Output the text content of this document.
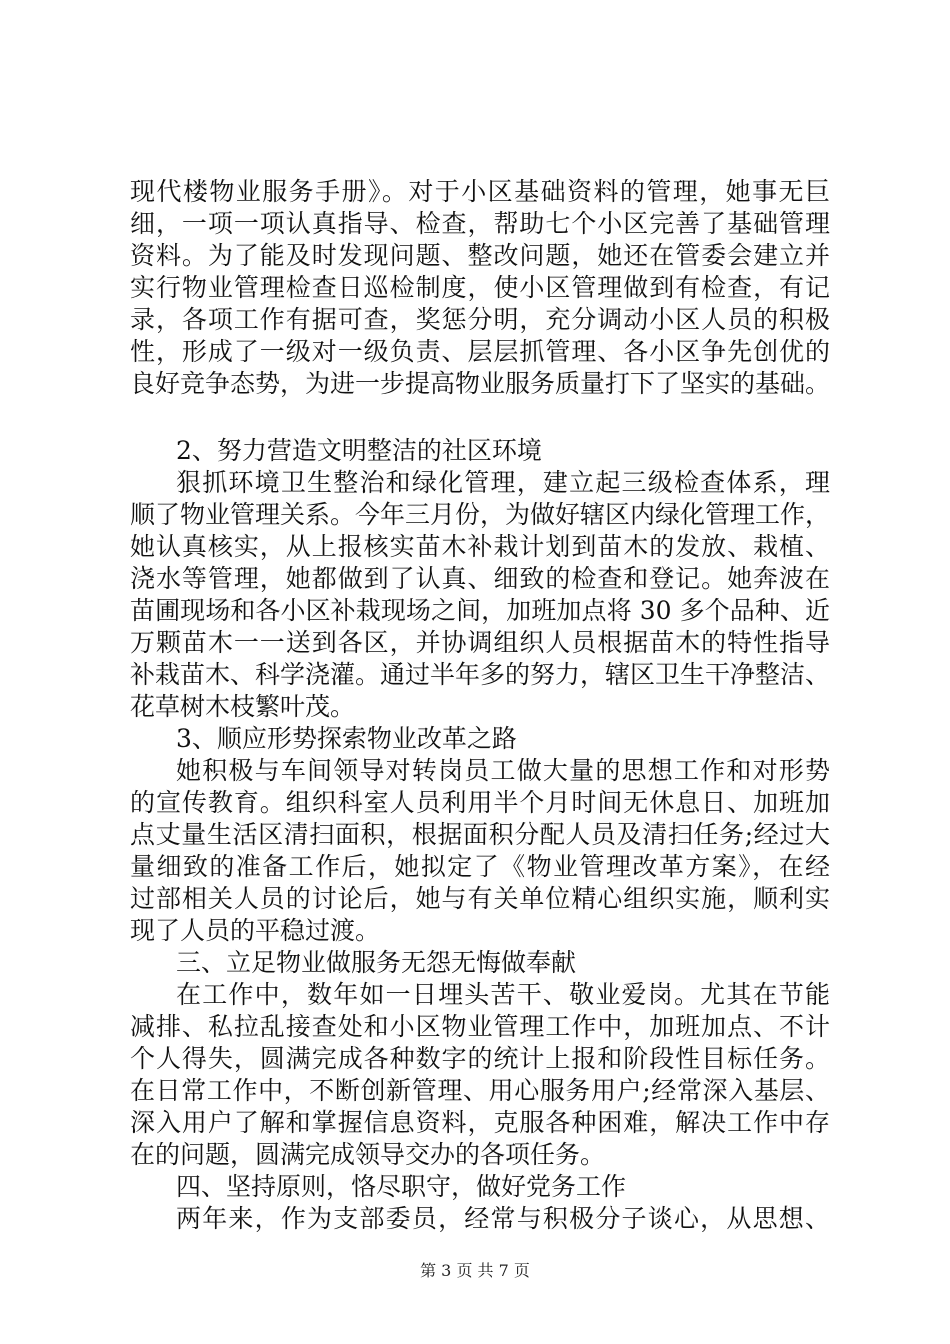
现代楼物业服务手册》。对于小区基础资料的管理，她事无巨
细，一项一项认真指导、检查，帮助七个小区完善了基础管理
资料。为了能及时发现问题、整改问题，她还在管委会建立并
实行物业管理检查日巡检制度，使小区管理做到有检查，有记
录，各项工作有据可查，奖惩分明，充分调动小区人员的积极
性，形成了一级对一级负责、层层抓管理、各小区争先创优的
良好竞争态势，为进一步提高物业服务质量打下了坚实的基础。
2、努力营造文明整洁的社区环境
狠抓环境卫生整治和绿化管理，建立起三级检查体系，理
顺了物业管理关系。今年三月份，为做好辖区内绿化管理工作，
她认真核实，从上报核实苗木补栽计划到苗木的发放、栽植、
浇水等管理，她都做到了认真、细致的检查和登记。她奔波在
苗圃现场和各小区补栽现场之间，加班加点将 30 多个品种、近
万颗苗木一一送到各区，并协调组织人员根据苗木的特性指导
补栽苗木、科学浇灌。通过半年多的努力，辖区卫生干净整洁、
花草树木枝繁叶茂。
3、顺应形势探索物业改革之路
她积极与车间领导对转岗员工做大量的思想工作和对形势
的宣传教育。组织科室人员利用半个月时间无休息日、加班加
点丈量生活区清扫面积，根据面积分配人员及清扫任务;经过大
量细致的准备工作后，她拟定了《物业管理改革方案》，在经
过部相关人员的讨论后，她与有关单位精心组织实施，顺利实
现了人员的平稳过渡。
三、立足物业做服务无怨无悔做奉献
在工作中，数年如一日埋头苦干、敬业爱岗。尤其在节能
减排、私拉乱接查处和小区物业管理工作中，加班加点、不计
个人得失，圆满完成各种数字的统计上报和阶段性目标任务。
在日常工作中，不断创新管理、用心服务用户;经常深入基层、
深入用户了解和掌握信息资料，克服各种困难，解决工作中存
在的问题，圆满完成领导交办的各项任务。
四、坚持原则，恪尽职守，做好党务工作
两年来，作为支部委员，经常与积极分子谈心，从思想、
第 3 页 共 7 页
